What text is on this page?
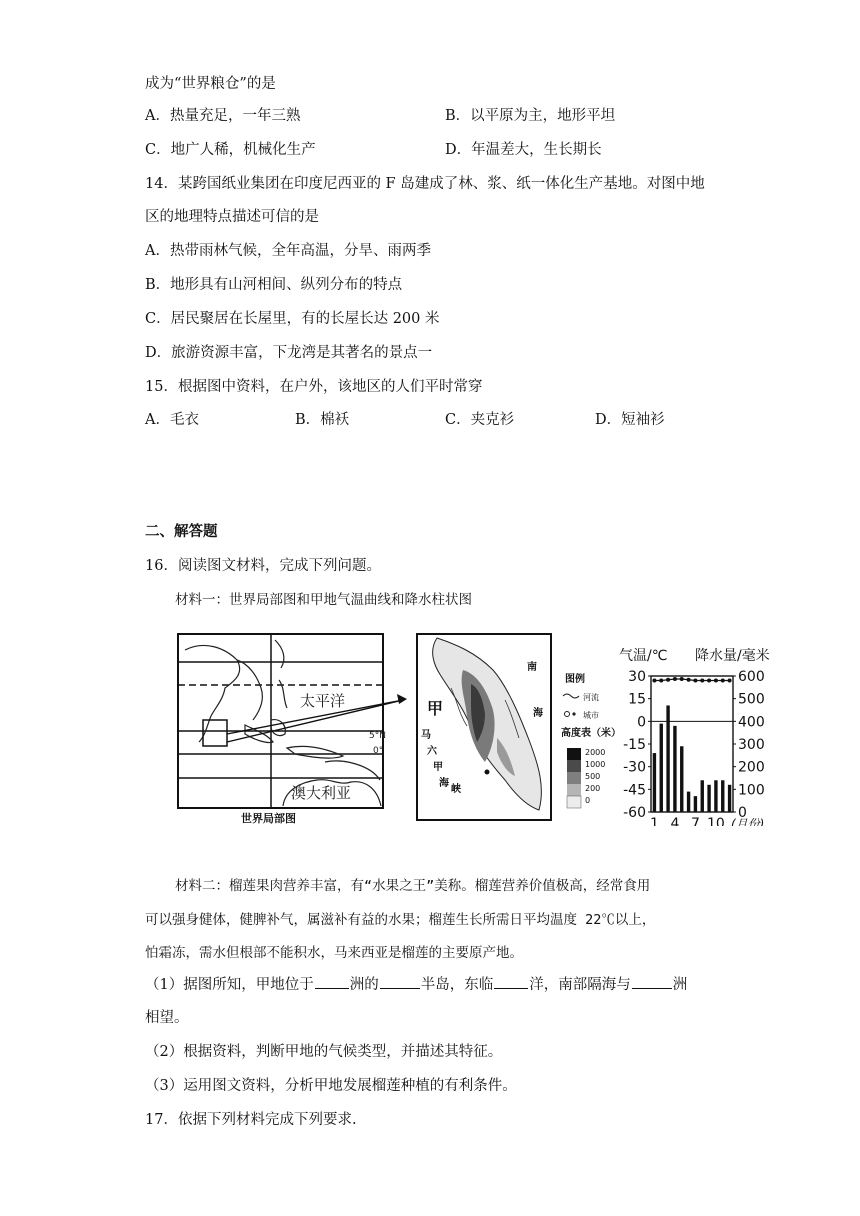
成为“世界粮仓”的是
A．热量充足，一年三熟	B．以平原为主，地形平坦
C．地广人稀，机械化生产	D．年温差大，生长期长
14．某跨国纸业集团在印度尼西亚的 F 岛建成了林、浆、纸一体化生产基地。对图中地
区的地理特点描述可信的是
A．热带雨林气候，全年高温，分旱、雨两季
B．地形具有山河相间、纵列分布的特点
C．居民聚居在长屋里，有的长屋长达 200 米
D．旅游资源丰富，下龙湾是其著名的景点一
15．根据图中资料，在户外，该地区的人们平时常穿
A．毛衣	B．棉袄	C．夹克衫	D．短袖衫
二、解答题
16．阅读图文材料，完成下列问题。
材料一：世界局部图和甲地气温曲线和降水柱状图
太平洋
澳大利亚
5°N
0°
世界局部图
甲
南
海
马
六
甲
海
峡
图例
河流
城市
高度表（米）
2000
1000
500
200
0
气温/℃ 降水量/毫米
(月份)
30
15
0
-15
-30
-45
-60
600
500
400
300
200
100
0
1 4 7 10
材料二：榴莲果肉营养丰富，有“水果之王”美称。榴莲营养价值极高，经常食用
可以强身健体，健脾补气，属滋补有益的水果；榴莲生长所需日平均温度 22℃以上，
怕霜冻，需水但根部不能积水，马来西亚是榴莲的主要原产地。
（1）据图所知，甲地位于 洲的	半岛，东临 洋，南部隔海与	洲
相望。
（2）根据资料，判断甲地的气候类型，并描述其特征。
（3）运用图文资料，分析甲地发展榴莲种植的有利条件。
17．依据下列材料完成下列要求.
